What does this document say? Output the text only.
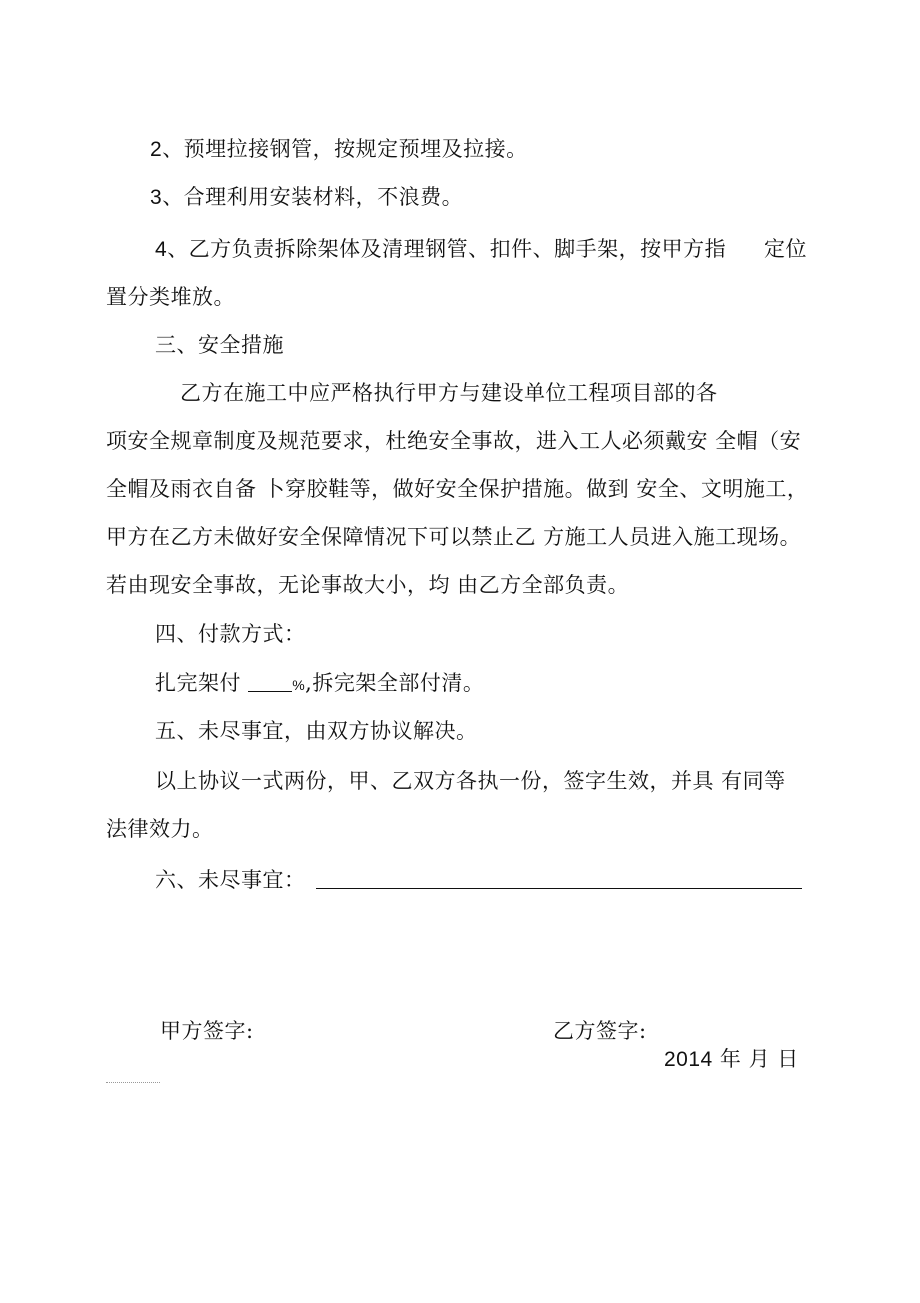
2、预埋拉接钢管，按规定预埋及拉接。
3、合理利用安装材料，不浪费。
4、乙方负责拆除架体及清理钢管、扣件、脚手架，按甲方指 定位
置分类堆放。
三、安全措施
乙方在施工中应严格执行甲方与建设单位工程项目部的各
项安全规章制度及规范要求，杜绝安全事故，进入工人必须戴安 全帽（安
全帽及雨衣自备 卜穿胶鞋等，做好安全保护措施。做到 安全、文明施工，
甲方在乙方未做好安全保障情况下可以禁止乙 方施工人员进入施工现场。
若由现安全事故，无论事故大小，均 由乙方全部负责。
四、付款方式：
扎完架付	%,拆完架全部付清。
五、未尽事宜，由双方协议解决。
以上协议一式两份，甲、乙双方各执一份，签字生效，并具 有同等
法律效力。
六、未尽事宜：
甲方签字:	乙方签字:
2014 年 月 日
